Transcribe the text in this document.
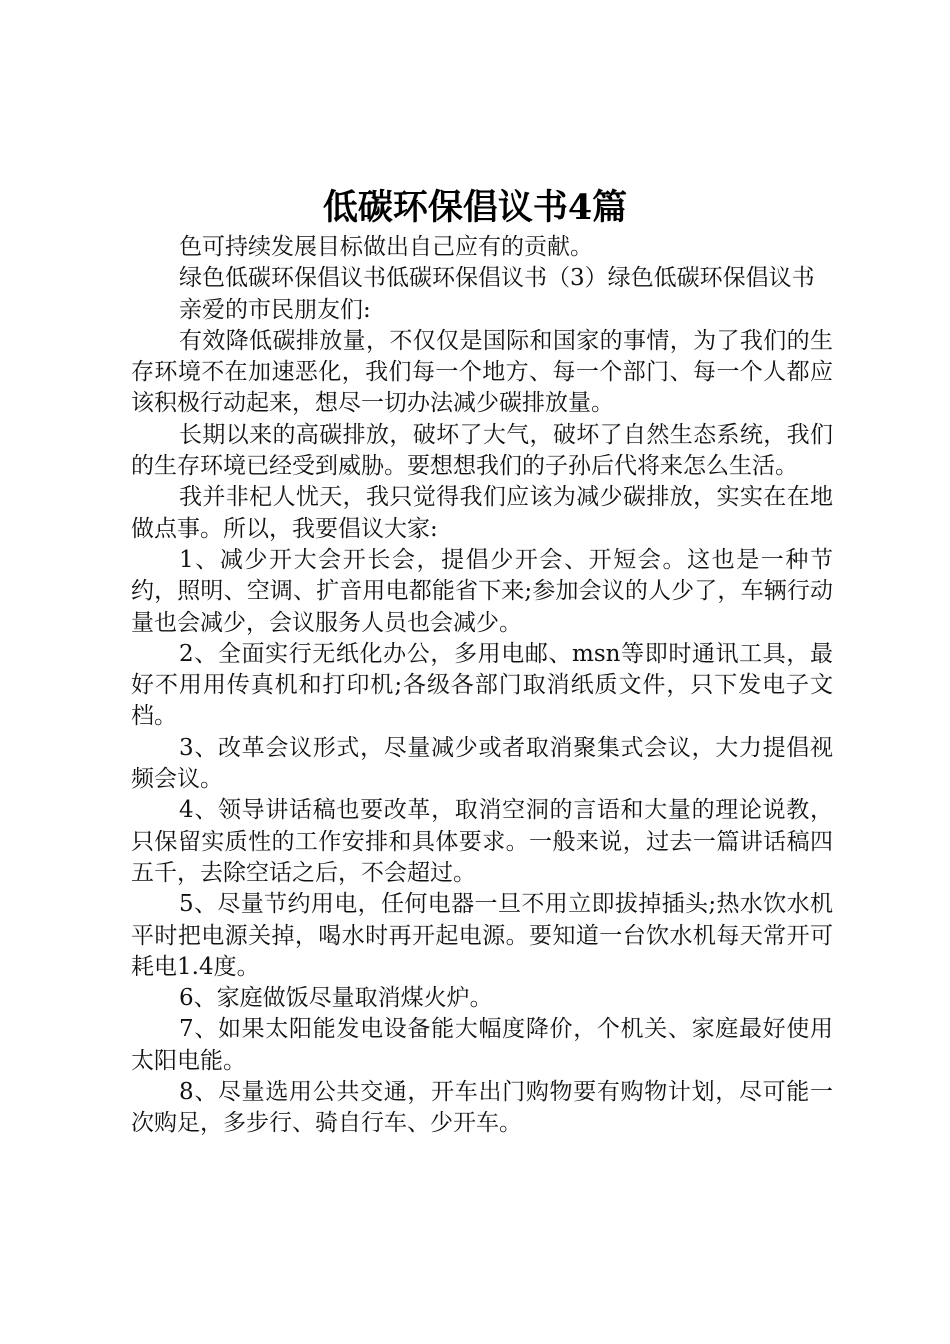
低碳环保倡议书4篇

色可持续发展目标做出自己应有的贡献。

绿色低碳环保倡议书低碳环保倡议书（3）绿色低碳环保倡议书

亲爱的市民朋友们:

有效降低碳排放量，不仅仅是国际和国家的事情，为了我们的生存环境不在加速恶化，我们每一个地方、每一个部门、每一个人都应该积极行动起来，想尽一切办法减少碳排放量。

长期以来的高碳排放，破坏了大气，破坏了自然生态系统，我们的生存环境已经受到威胁。要想想我们的子孙后代将来怎么生活。

我并非杞人忧天，我只觉得我们应该为减少碳排放，实实在在地做点事。所以，我要倡议大家:

1、减少开大会开长会，提倡少开会、开短会。这也是一种节约，照明、空调、扩音用电都能省下来;参加会议的人少了，车辆行动量也会减少，会议服务人员也会减少。

2、全面实行无纸化办公，多用电邮、msn等即时通讯工具，最好不用用传真机和打印机;各级各部门取消纸质文件，只下发电子文档。

3、改革会议形式，尽量减少或者取消聚集式会议，大力提倡视频会议。

4、领导讲话稿也要改革，取消空洞的言语和大量的理论说教，只保留实质性的工作安排和具体要求。一般来说，过去一篇讲话稿四五千，去除空话之后，不会超过。

5、尽量节约用电，任何电器一旦不用立即拔掉插头;热水饮水机平时把电源关掉，喝水时再开起电源。要知道一台饮水机每天常开可耗电1.4度。

6、家庭做饭尽量取消煤火炉。

7、如果太阳能发电设备能大幅度降价，个机关、家庭最好使用太阳电能。

8、尽量选用公共交通，开车出门购物要有购物计划，尽可能一次购足，多步行、骑自行车、少开车。
